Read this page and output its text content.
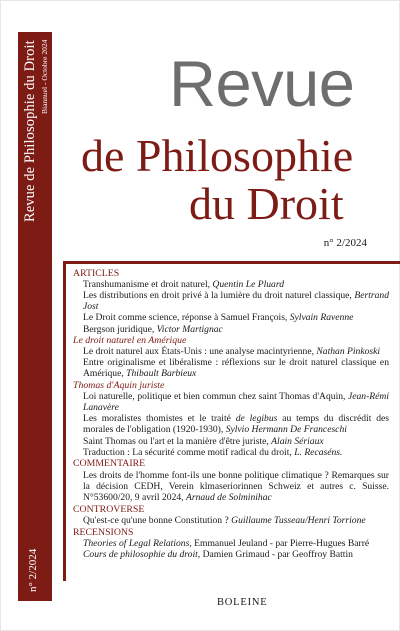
Revue de Philosophie du Droit Biannuel - Octobre 2024
n° 2/2024
Revue
de Philosophie
du Droit
n° 2/2024
ARTICLES
Transhumanisme et droit naturel, Quentin Le Pluard
Les distributions en droit privé à la lumière du droit naturel classique, Bertrand Jost
Le Droit comme science, réponse à Samuel François, Sylvain Ravenne
Bergson juridique, Victor Martignac
Le droit naturel en Amérique
Le droit naturel aux États-Unis : une analyse macintyrienne, Nathan Pinkoski
Entre originalisme et libéralisme : réflexions sur le droit naturel classique en Amérique, Thibault Barbieux
Thomas d'Aquin juriste
Loi naturelle, politique et bien commun chez saint Thomas d'Aquin, Jean-Rémi Lanavère
Les moralistes thomistes et le traité de legibus au temps du discrédit des morales de l'obligation (1920-1930), Sylvio Hermann De Franceschi
Saint Thomas ou l'art et la manière d'être juriste, Alain Sériaux
Traduction : La sécurité comme motif radical du droit, L. Recaséns.
COMMENTAIRE
Les droits de l'homme font-ils une bonne politique climatique ? Remarques sur la décision CEDH, Verein klmaseriorinnen Schweiz et autres c. Suisse. N°53600/20, 9 avril 2024, Arnaud de Solminihac
CONTROVERSE
Qu'est-ce qu'une bonne Constitution ? Guillaume Tusseau/Henri Torrione
RECENSIONS
Theories of Legal Relations, Emmanuel Jeuland - par Pierre-Hugues Barré
Cours de philosophie du droit, Damien Grimaud - par Geoffroy Battin
BOLEINE
